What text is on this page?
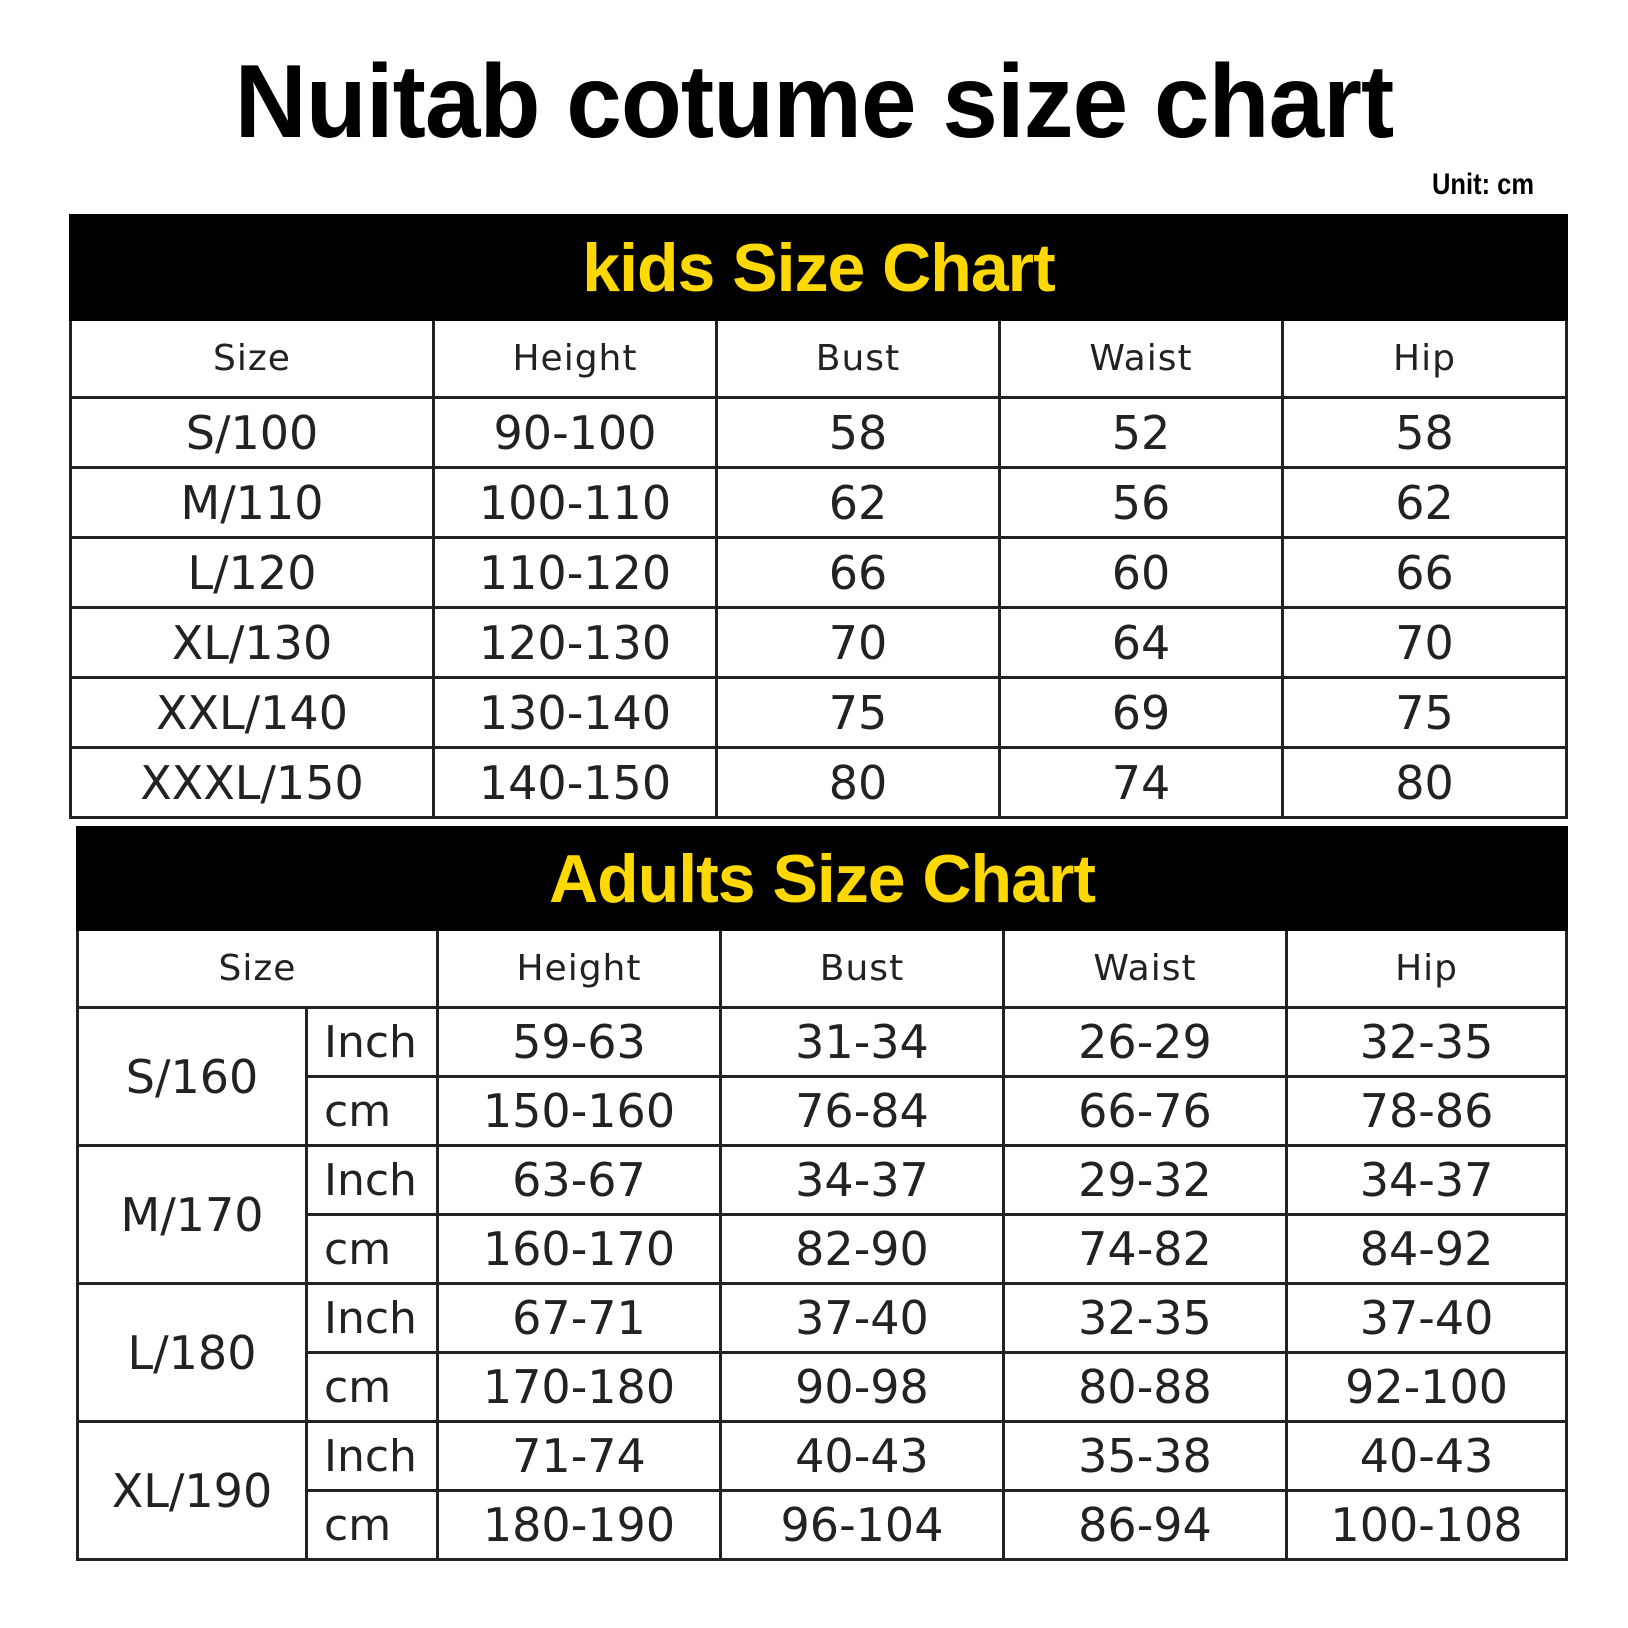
Nuitab cotume size chart
Unit: cm
kids Size Chart				
Size	Height	Bust	Waist	Hip
S/100	90-100	58	52	58
M/110	100-110	62	56	62
L/120	110-120	66	60	66
XL/130	120-130	70	64	70
XXL/140	130-140	75	69	75
XXXL/150	140-150	80	74	80
Adults Size Chart					
Size		Height	Bust	Waist	Hip
S/160	Inch	59-63	31-34	26-29	32-35
	cm	150-160	76-84	66-76	78-86
M/170	Inch	63-67	34-37	29-32	34-37
	cm	160-170	82-90	74-82	84-92
L/180	Inch	67-71	37-40	32-35	37-40
	cm	170-180	90-98	80-88	92-100
XL/190	Inch	71-74	40-43	35-38	40-43
	cm	180-190	96-104	86-94	100-108
